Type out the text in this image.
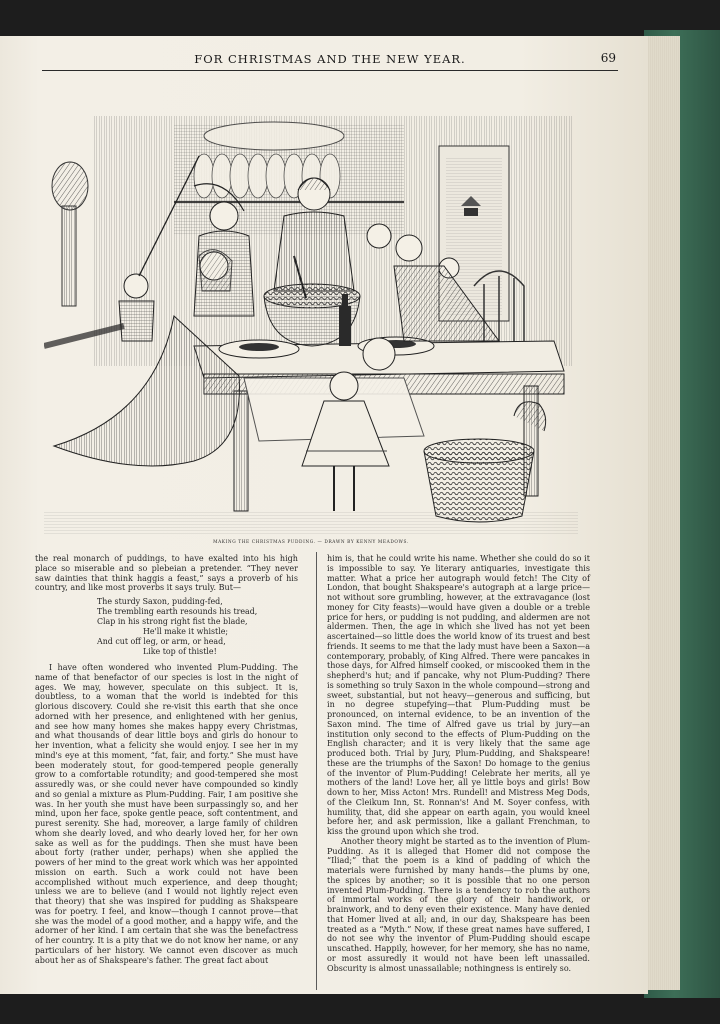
FOR CHRISTMAS AND THE NEW YEAR.	69
MAKING THE CHRISTMAS PUDDING. — DRAWN BY KENNY MEADOWS.

the real monarch of puddings, to have exalted into his high place so miserable and so plebeian a pretender. “They never saw dainties that think haggis a feast,” says a proverb of his country, and like most proverbs it says truly. But—

The sturdy Saxon, pudding-fed,
The trembling earth resounds his tread,
Clap in his strong right fist the blade,
He'll make it whistle;
And cut off leg, or arm, or head,
Like top of thistle!

I have often wondered who invented Plum-Pudding. The name of that benefactor of our species is lost in the night of ages. We may, however, speculate on this subject. It is, doubtless, to a woman that the world is indebted for this glorious discovery. Could she re-visit this earth that she once adorned with her presence, and enlightened with her genius, and see how many homes she makes happy every Christmas, and what thousands of dear little boys and girls do honour to her invention, what a felicity she would enjoy. I see her in my mind's eye at this moment, “fat, fair, and forty.” She must have been moderately stout, for good-tempered people generally grow to a comfortable rotundity; and good-tempered she most assuredly was, or she could never have compounded so kindly and so genial a mixture as Plum-Pudding. Fair, I am positive she was. In her youth she must have been surpassingly so, and her mind, upon her face, spoke gentle peace, soft contentment, and purest serenity. She had, moreover, a large family of children whom she dearly loved, and who dearly loved her, for her own sake as well as for the puddings. Then she must have been about forty (rather under, perhaps) when she applied the powers of her mind to the great work which was her appointed mission on earth. Such a work could not have been accomplished without much experience, and deep thought; unless we are to believe (and I would not lightly reject even that theory) that she was inspired for pudding as Shakspeare was for poetry. I feel, and know—though I cannot prove—that she was the model of a good mother, and a happy wife, and the adorner of her kind. I am certain that she was the benefactress of her country. It is a pity that we do not know her name, or any particulars of her history. We cannot even discover as much about her as of Shakspeare's father. The great fact about

him is, that he could write his name. Whether she could do so it is impossible to say. Ye literary antiquaries, investigate this matter. What a price her autograph would fetch! The City of London, that bought Shakspeare's autograph at a large price—not without sore grumbling, however, at the extravagance (lost money for City feasts)—would have given a double or a treble price for hers, or pudding is not pudding, and aldermen are not aldermen. Then, the age in which she lived has not yet been ascertained—so little does the world know of its truest and best friends. It seems to me that the lady must have been a Saxon—a contemporary, probably, of King Alfred. There were pancakes in those days, for Alfred himself cooked, or miscooked them in the shepherd's hut; and if pancake, why not Plum-Pudding? There is something so truly Saxon in the whole compound—strong and sweet, substantial, but not heavy—generous and sufficing, but in no degree stupefying—that Plum-Pudding must be pronounced, on internal evidence, to be an invention of the Saxon mind. The time of Alfred gave us trial by jury—an institution only second to the effects of Plum-Pudding on the English character; and it is very likely that the same age produced both. Trial by Jury, Plum-Pudding, and Shakspeare! these are the triumphs of the Saxon! Do homage to the genius of the inventor of Plum-Pudding! Celebrate her merits, all ye mothers of the land! Love her, all ye little boys and girls! Bow down to her, Miss Acton! Mrs. Rundell! and Mistress Meg Dods, of the Cleikum Inn, St. Ronnan's! And M. Soyer confess, with humility, that, did she appear on earth again, you would kneel before her, and ask permission, like a gallant Frenchman, to kiss the ground upon which she trod.

Another theory might be started as to the invention of Plum-Pudding. As it is alleged that Homer did not compose the “Iliad;” that the poem is a kind of padding of which the materials were furnished by many hands—the plums by one, the spices by another; so it is possible that no one person invented Plum-Pudding. There is a tendency to rob the authors of immortal works of the glory of their handiwork, or brainwork, and to deny even their existence. Many have denied that Homer lived at all; and, in our day, Shakspeare has been treated as a “Myth.” Now, if these great names have suffered, I do not see why the inventor of Plum-Pudding should escape unscathed. Happily, however, for her memory, she has no name, or most assuredly it would not have been left unassailed. Obscurity is almost unassailable; nothingness is entirely so.
